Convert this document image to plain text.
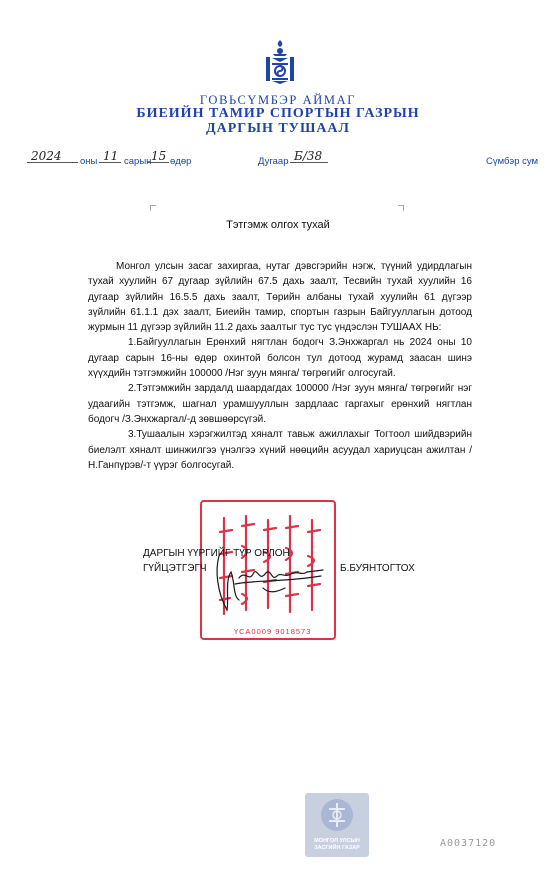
ГОВЬСҮМБЭР АЙМАГ
БИЕИЙН ТАМИР СПОРТЫН ГАЗРЫН
ДАРГЫН ТУШААЛ
2024 оны 11 сарын 15 өдөр	Дугаар Б/38	Сүмбэр сум
Тэтгэмж олгох тухай

Монгол улсын засаг захиргаа, нутаг дэвсгэрийн нэгж, түүний удирдлагын тухай хуулийн 67 дугаар зүйлийн 67.5 дахь заалт, Тесвийн тухай хуулийн 16 дугаар зүйлийн 16.5.5 дахь заалт, Төрийн албаны тухай хуулийн 61 дүгээр зүйлийн 61.1.1 дэх заалт, Биеийн тамир, спортын газрын Байгууллагын дотоод журмын 11 дүгээр зүйлийн 11.2 дахь заалтыг тус тус үндэслэн ТУШААХ НЬ:

1.Байгууллагын Ерөнхий нягтлан бодогч З.Энхжаргал нь 2024 оны 10 дугаар сарын 16-ны өдөр охинтой болсон тул дотоод журамд заасан шинэ хүүхдийн тэтгэмжийн 100000 /Нэг зуун мянга/ төгрөгийг олгосугай.

2.Тэтгэмжийн зардалд шаардагдах 100000 /Нэг зуун мянга/ төгрөгийг нэг удаагийн тэтгэмж, шагнал урамшууллын зардлаас гаргахыг ерөнхий нягтлан бодогч /З.Энхжаргал/-д зөвшөөрсүгэй.

3.Тушаалын хэрэгжилтэд хяналт тавьж ажиллахыг Тогтоол шийдвэрийн биелэлт хяналт шинжилгээ үнэлгээ хүний нөөцийн асуудал хариуцсан ажилтан /Н.Ганпүрэв/-т үүрэг болгосугай.

ҮСА0009 9018573
ДАРГЫН ҮҮРГИЙГ ТҮР ОРЛОН
ГҮЙЦЭТГЭГЧ	Б.БУЯНТОГТОХ
МОНГОЛ УЛСЫН
ЗАСГИЙН ГАЗАР	А0037120
